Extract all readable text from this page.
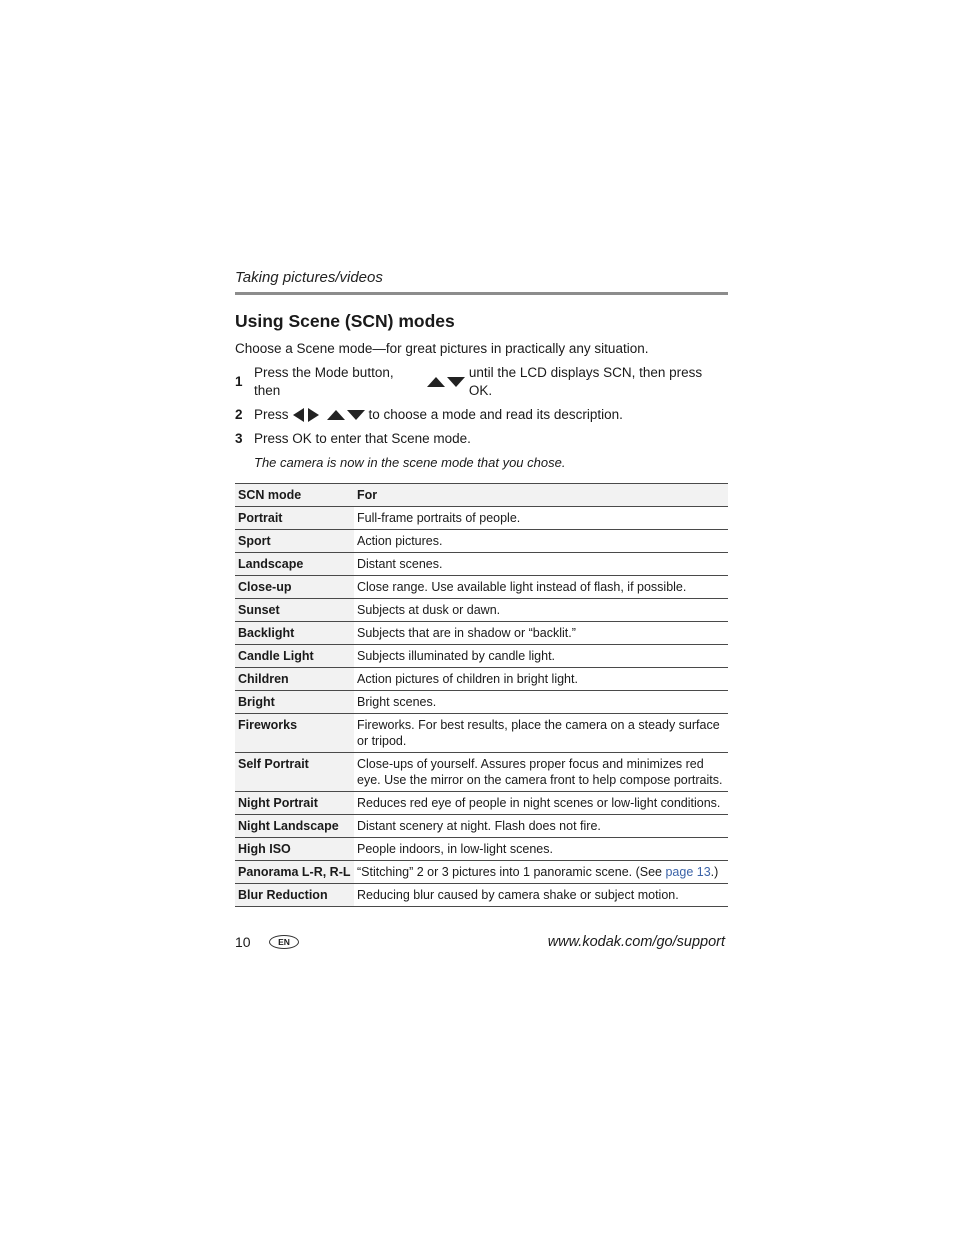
Taking pictures/videos
Using Scene (SCN) modes
Choose a Scene mode—for great pictures in practically any situation.
1
Press the Mode button, then
until the LCD displays SCN, then press OK.
2 Press	to choose a mode and read its description.
3 Press OK to enter that Scene mode.
The camera is now in the scene mode that you chose.
SCN mode	For
Portrait	Full-frame portraits of people.
Sport	Action pictures.
Landscape	Distant scenes.
Close-up	Close range. Use available light instead of flash, if possible.
Sunset	Subjects at dusk or dawn.
Backlight	Subjects that are in shadow or “backlit.”
Candle Light	Subjects illuminated by candle light.
Children	Action pictures of children in bright light.
Bright	Bright scenes.
Fireworks	Fireworks. For best results, place the camera on a steady surface or tripod.
Self Portrait	Close-ups of yourself. Assures proper focus and minimizes red eye. Use the mirror on the camera front to help compose portraits.
Night Portrait	Reduces red eye of people in night scenes or low-light conditions.
Night Landscape	Distant scenery at night. Flash does not fire.
High ISO	People indoors, in low-light scenes.
Panorama L-R, R-L	“Stitching” 2 or 3 pictures into 1 panoramic scene. (See page 13.)
Blur Reduction	Reducing blur caused by camera shake or subject motion.
10	EN	www.kodak.com/go/support
